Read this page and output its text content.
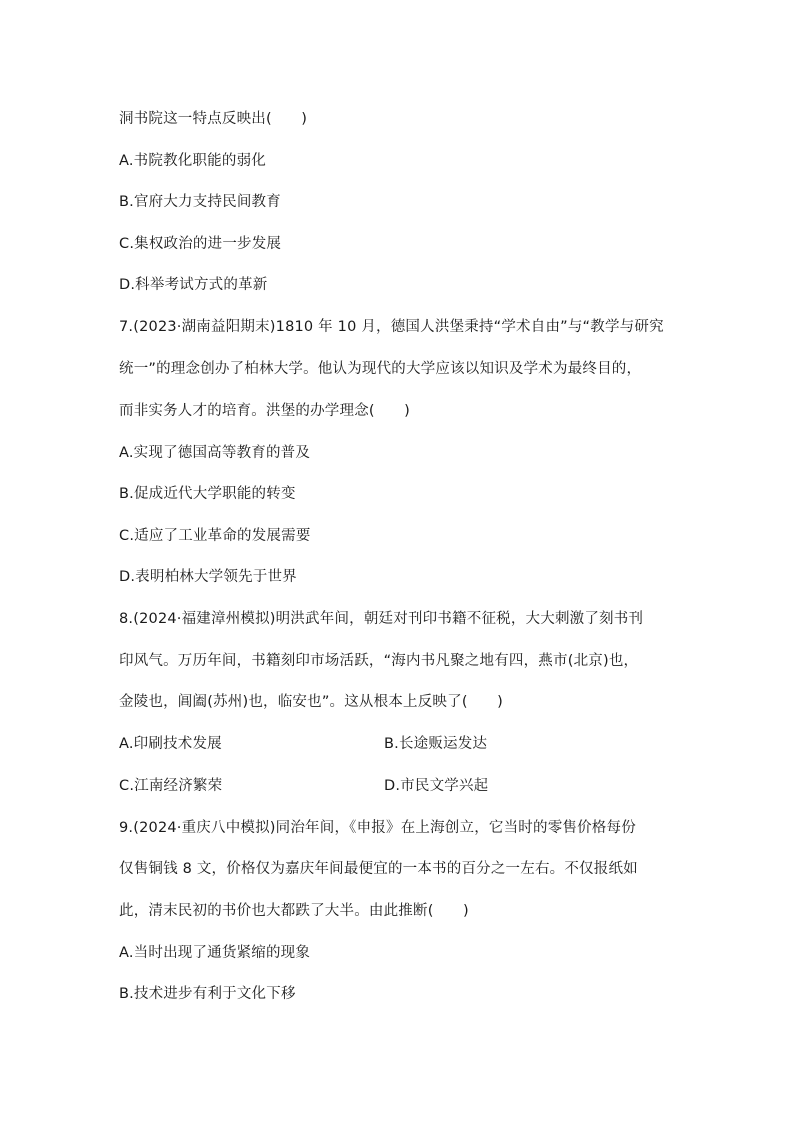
洞书院这一特点反映出(　　)
A.书院教化职能的弱化
B.官府大力支持民间教育
C.集权政治的进一步发展
D.科举考试方式的革新
7.(2023·湖南益阳期末)1810 年 10 月，德国人洪堡秉持“学术自由”与“教学与研究
统一”的理念创办了柏林大学。他认为现代的大学应该以知识及学术为最终目的，
而非实务人才的培育。洪堡的办学理念(　　)
A.实现了德国高等教育的普及
B.促成近代大学职能的转变
C.适应了工业革命的发展需要
D.表明柏林大学领先于世界
8.(2024·福建漳州模拟)明洪武年间，朝廷对刊印书籍不征税，大大刺激了刻书刊
印风气。万历年间，书籍刻印市场活跃，“海内书凡聚之地有四，燕市(北京)也，
金陵也，阊阖(苏州)也，临安也”。这从根本上反映了(　　)
A.印刷技术发展	B.长途贩运发达
C.江南经济繁荣	D.市民文学兴起
9.(2024·重庆八中模拟)同治年间，《申报》在上海创立，它当时的零售价格每份
仅售铜钱 8 文，价格仅为嘉庆年间最便宜的一本书的百分之一左右。不仅报纸如
此，清末民初的书价也大都跌了大半。由此推断(　　)
A.当时出现了通货紧缩的现象
B.技术进步有利于文化下移
